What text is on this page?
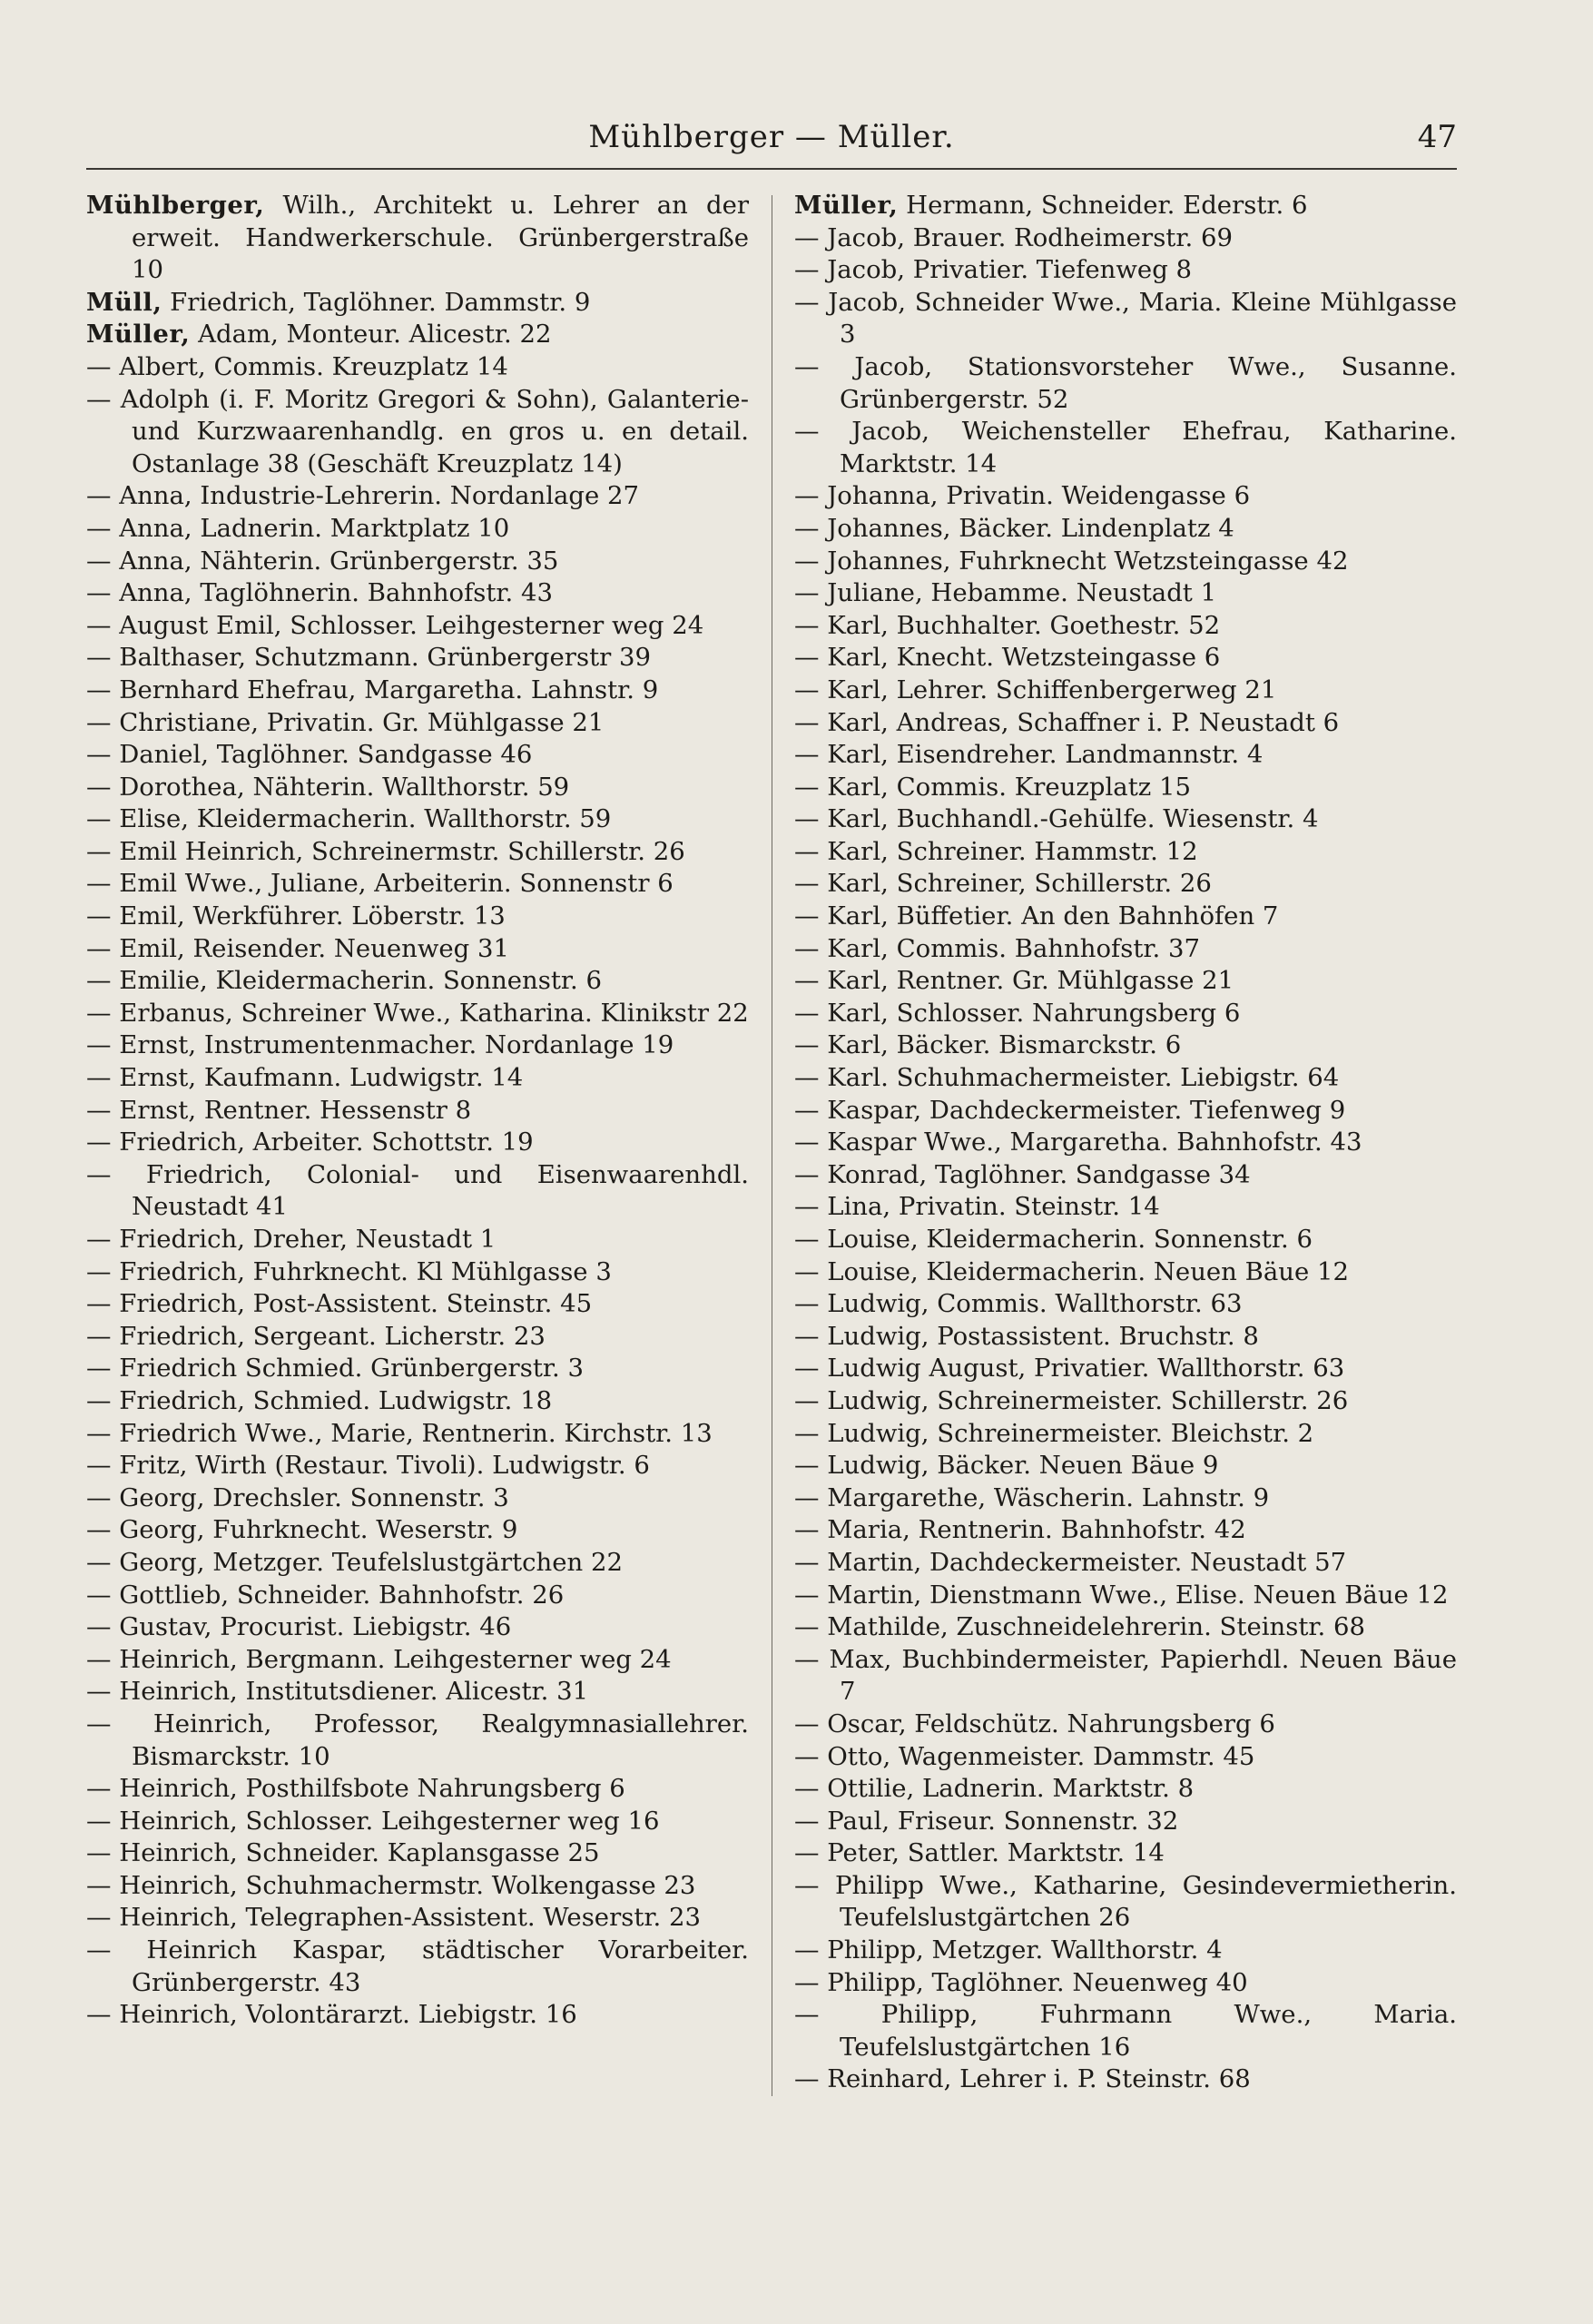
Mühlberger — Müller.	47
Mühlberger, Wilh., Architekt u. Lehrer an der erweit. Handwerkerschule. Grünbergerstraße 10
Müll, Friedrich, Taglöhner. Dammstr. 9
Müller, Adam, Monteur. Alicestr. 22
— Albert, Commis. Kreuzplatz 14
— Adolph (i. F. Moritz Gregori & Sohn), Galanterie- und Kurzwaarenhandlg. en gros u. en detail. Ostanlage 38 (Geschäft Kreuzplatz 14)
— Anna, Industrie-Lehrerin. Nordanlage 27
— Anna, Ladnerin. Marktplatz 10
— Anna, Nähterin. Grünbergerstr. 35
— Anna, Taglöhnerin. Bahnhofstr. 43
— August Emil, Schlosser. Leihgesterner weg 24
— Balthaser, Schutzmann. Grünbergerstr 39
— Bernhard Ehefrau, Margaretha. Lahnstr. 9
— Christiane, Privatin. Gr. Mühlgasse 21
— Daniel, Taglöhner. Sandgasse 46
— Dorothea, Nähterin. Wallthorstr. 59
— Elise, Kleidermacherin. Wallthorstr. 59
— Emil Heinrich, Schreinermstr. Schillerstr. 26
— Emil Wwe., Juliane, Arbeiterin. Sonnenstr 6
— Emil, Werkführer. Löberstr. 13
— Emil, Reisender. Neuenweg 31
— Emilie, Kleidermacherin. Sonnenstr. 6
— Erbanus, Schreiner Wwe., Katharina. Klinikstr 22
— Ernst, Instrumentenmacher. Nordanlage 19
— Ernst, Kaufmann. Ludwigstr. 14
— Ernst, Rentner. Hessenstr 8
— Friedrich, Arbeiter. Schottstr. 19
— Friedrich, Colonial- und Eisenwaarenhdl. Neustadt 41
— Friedrich, Dreher, Neustadt 1
— Friedrich, Fuhrknecht. Kl Mühlgasse 3
— Friedrich, Post-Assistent. Steinstr. 45
— Friedrich, Sergeant. Licherstr. 23
— Friedrich Schmied. Grünbergerstr. 3
— Friedrich, Schmied. Ludwigstr. 18
— Friedrich Wwe., Marie, Rentnerin. Kirchstr. 13
— Fritz, Wirth (Restaur. Tivoli). Ludwigstr. 6
— Georg, Drechsler. Sonnenstr. 3
— Georg, Fuhrknecht. Weserstr. 9
— Georg, Metzger. Teufelslustgärtchen 22
— Gottlieb, Schneider. Bahnhofstr. 26
— Gustav, Procurist. Liebigstr. 46
— Heinrich, Bergmann. Leihgesterner weg 24
— Heinrich, Institutsdiener. Alicestr. 31
— Heinrich, Professor, Realgymnasiallehrer. Bismarckstr. 10
— Heinrich, Posthilfsbote Nahrungsberg 6
— Heinrich, Schlosser. Leihgesterner weg 16
— Heinrich, Schneider. Kaplansgasse 25
— Heinrich, Schuhmachermstr. Wolkengasse 23
— Heinrich, Telegraphen-Assistent. Weserstr. 23
— Heinrich Kaspar, städtischer Vorarbeiter. Grünbergerstr. 43
— Heinrich, Volontärarzt. Liebigstr. 16
Müller, Hermann, Schneider. Ederstr. 6
— Jacob, Brauer. Rodheimerstr. 69
— Jacob, Privatier. Tiefenweg 8
— Jacob, Schneider Wwe., Maria. Kleine Mühlgasse 3
— Jacob, Stationsvorsteher Wwe., Susanne. Grünbergerstr. 52
— Jacob, Weichensteller Ehefrau, Katharine. Marktstr. 14
— Johanna, Privatin. Weidengasse 6
— Johannes, Bäcker. Lindenplatz 4
— Johannes, Fuhrknecht Wetzsteingasse 42
— Juliane, Hebamme. Neustadt 1
— Karl, Buchhalter. Goethestr. 52
— Karl, Knecht. Wetzsteingasse 6
— Karl, Lehrer. Schiffenbergerweg 21
— Karl, Andreas, Schaffner i. P. Neustadt 6
— Karl, Eisendreher. Landmannstr. 4
— Karl, Commis. Kreuzplatz 15
— Karl, Buchhandl.-Gehülfe. Wiesenstr. 4
— Karl, Schreiner. Hammstr. 12
— Karl, Schreiner, Schillerstr. 26
— Karl, Büffetier. An den Bahnhöfen 7
— Karl, Commis. Bahnhofstr. 37
— Karl, Rentner. Gr. Mühlgasse 21
— Karl, Schlosser. Nahrungsberg 6
— Karl, Bäcker. Bismarckstr. 6
— Karl. Schuhmachermeister. Liebigstr. 64
— Kaspar, Dachdeckermeister. Tiefenweg 9
— Kaspar Wwe., Margaretha. Bahnhofstr. 43
— Konrad, Taglöhner. Sandgasse 34
— Lina, Privatin. Steinstr. 14
— Louise, Kleidermacherin. Sonnenstr. 6
— Louise, Kleidermacherin. Neuen Bäue 12
— Ludwig, Commis. Wallthorstr. 63
— Ludwig, Postassistent. Bruchstr. 8
— Ludwig August, Privatier. Wallthorstr. 63
— Ludwig, Schreinermeister. Schillerstr. 26
— Ludwig, Schreinermeister. Bleichstr. 2
— Ludwig, Bäcker. Neuen Bäue 9
— Margarethe, Wäscherin. Lahnstr. 9
— Maria, Rentnerin. Bahnhofstr. 42
— Martin, Dachdeckermeister. Neustadt 57
— Martin, Dienstmann Wwe., Elise. Neuen Bäue 12
— Mathilde, Zuschneidelehrerin. Steinstr. 68
— Max, Buchbindermeister, Papierhdl. Neuen Bäue 7
— Oscar, Feldschütz. Nahrungsberg 6
— Otto, Wagenmeister. Dammstr. 45
— Ottilie, Ladnerin. Marktstr. 8
— Paul, Friseur. Sonnenstr. 32
— Peter, Sattler. Marktstr. 14
— Philipp Wwe., Katharine, Gesindevermietherin. Teufelslustgärtchen 26
— Philipp, Metzger. Wallthorstr. 4
— Philipp, Taglöhner. Neuenweg 40
— Philipp, Fuhrmann Wwe., Maria. Teufelslustgärtchen 16
— Reinhard, Lehrer i. P. Steinstr. 68
